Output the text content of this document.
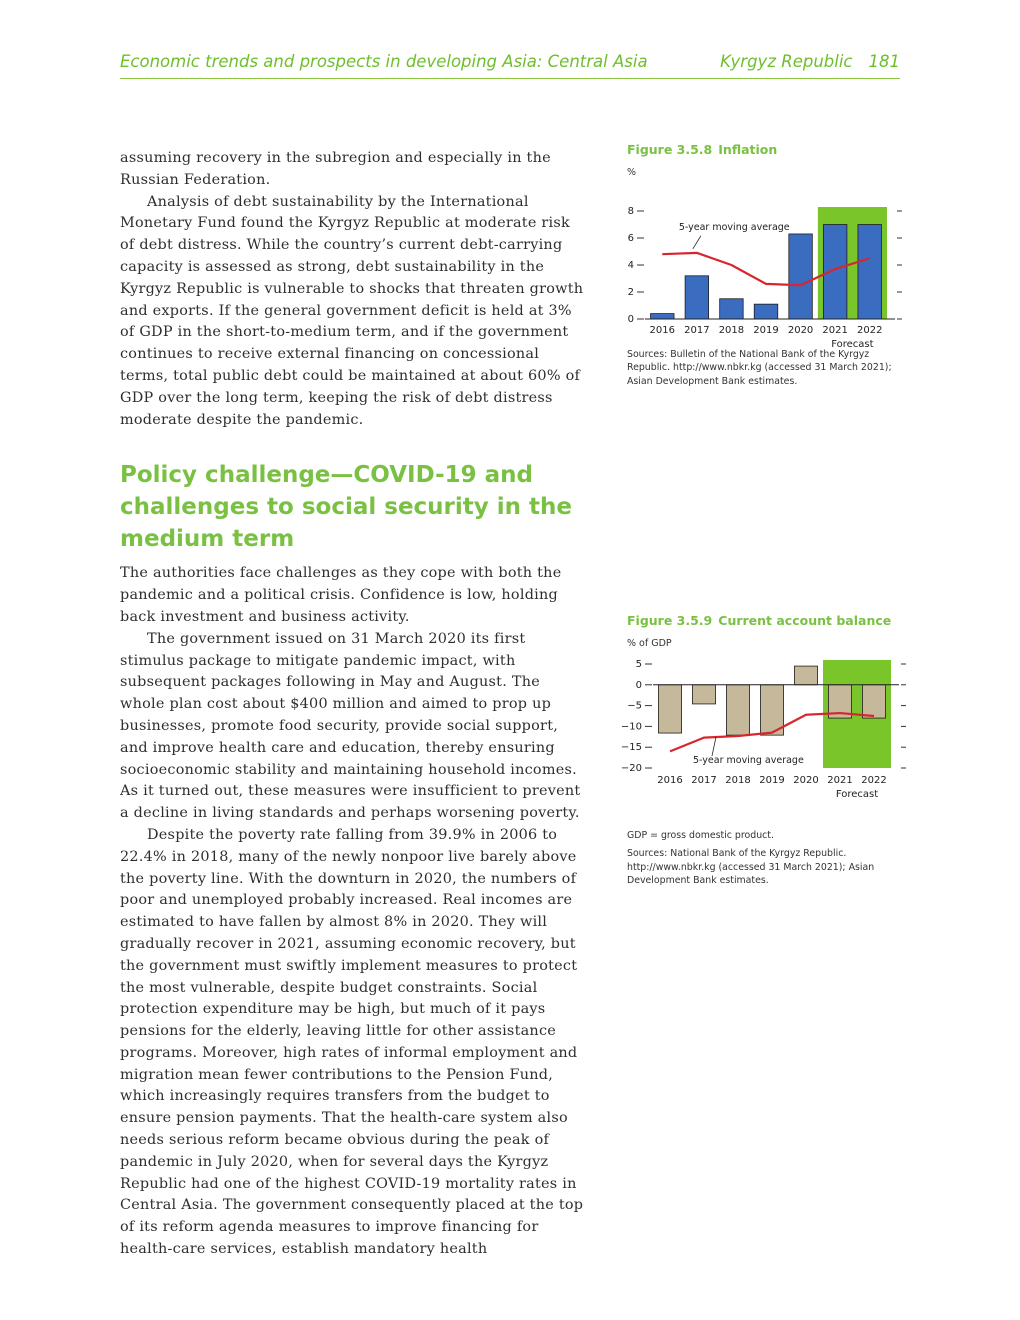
Economic trends and prospects in developing Asia: Central Asia	Kyrgyz Republic 181

assuming recovery in the subregion and especially in the Russian Federation.

Analysis of debt sustainability by the International Monetary Fund found the Kyrgyz Republic at moderate risk of debt distress. While the country’s current debt-carrying capacity is assessed as strong, debt sustainability in the Kyrgyz Republic is vulnerable to shocks that threaten growth and exports. If the general government deficit is held at 3% of GDP in the short-to-medium term, and if the government continues to receive external financing on concessional terms, total public debt could be maintained at about 60% of GDP over the long term, keeping the risk of debt distress moderate despite the pandemic.

Policy challenge—COVID-19 and challenges to social security in the medium term

The authorities face challenges as they cope with both the pandemic and a political crisis. Confidence is low, holding back investment and business activity.

The government issued on 31 March 2020 its first stimulus package to mitigate pandemic impact, with subsequent packages following in May and August. The whole plan cost about $400 million and aimed to prop up businesses, promote food security, provide social support, and improve health care and education, thereby ensuring socioeconomic stability and maintaining household incomes. As it turned out, these measures were insufficient to prevent a decline in living standards and perhaps worsening poverty.

Despite the poverty rate falling from 39.9% in 2006 to 22.4% in 2018, many of the newly nonpoor live barely above the poverty line. With the downturn in 2020, the numbers of poor and unemployed probably increased. Real incomes are estimated to have fallen by almost 8% in 2020. They will gradually recover in 2021, assuming economic recovery, but the government must swiftly implement measures to protect the most vulnerable, despite budget constraints. Social protection expenditure may be high, but much of it pays pensions for the elderly, leaving little for other assistance programs. Moreover, high rates of informal employment and migration mean fewer contributions to the Pension Fund, which increasingly requires transfers from the budget to ensure pension payments. That the health-care system also needs serious reform became obvious during the peak of pandemic in July 2020, when for several days the Kyrgyz Republic had one of the highest COVID-19 mortality rates in Central Asia. The government consequently placed at the top of its reform agenda measures to improve financing for health-care services, establish mandatory health

Figure 3.5.8 Inflation
%
0
2
4
6
8
5-year moving average
2016 2017 2018 2019 2020 2021 2022
Forecast

Sources: Bulletin of the National Bank of the Kyrgyz Republic. http://www.nbkr.kg (accessed 31 March 2021); Asian Development Bank estimates.

Figure 3.5.9 Current account balance
% of GDP
5
0
−5
−10
−15
−20
5-year moving average
2016 2017 2018 2019 2020 2021 2022
Forecast

GDP = gross domestic product.

Sources: National Bank of the Kyrgyz Republic. http://www.nbkr.kg (accessed 31 March 2021); Asian Development Bank estimates.
